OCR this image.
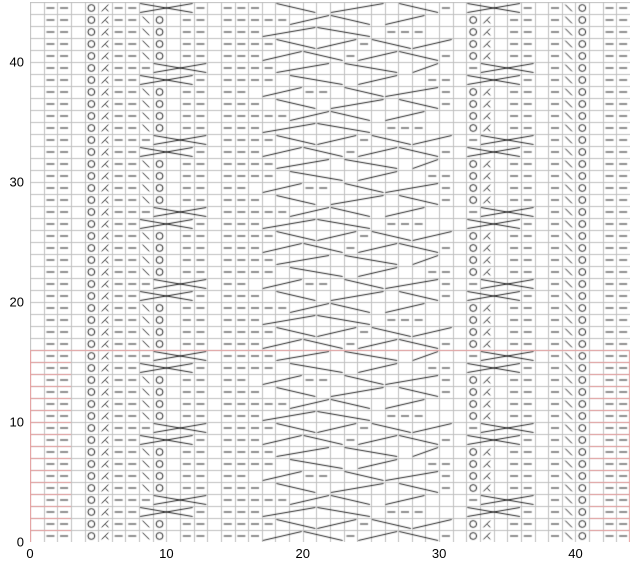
0
10
20
30
40
0	10	20	30	40
